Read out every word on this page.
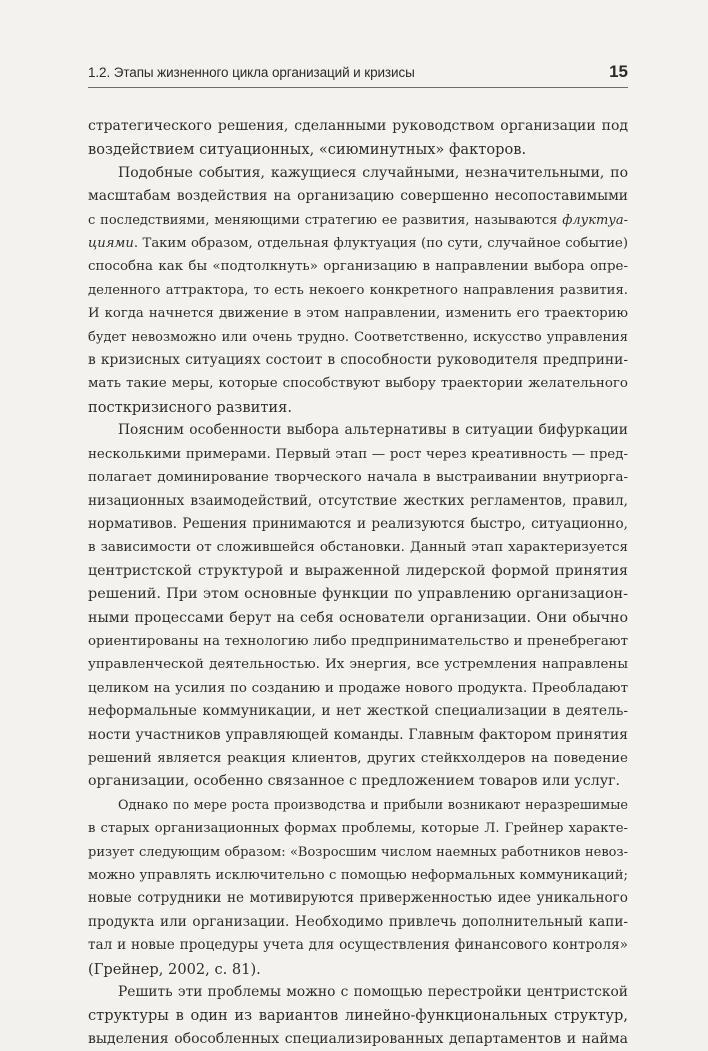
1.2. Этапы жизненного цикла организаций и кризисы	15

стратегического решения, сделанными руководством организации под
воздействием ситуационных, «сиюминутных» факторов.

Подобные события, кажущиеся случайными, незначительными, по
масштабам воздействия на организацию совершенно несопоставимыми
с последствиями, меняющими стратегию ее развития, называются флуктуа-
циями. Таким образом, отдельная флуктуация (по сути, случайное событие)
способна как бы «подтолкнуть» организацию в направлении выбора опре-
деленного аттрактора, то есть некоего конкретного направления развития.
И когда начнется движение в этом направлении, изменить его траекторию
будет невозможно или очень трудно. Соответственно, искусство управления
в кризисных ситуациях состоит в способности руководителя предприни-
мать такие меры, которые способствуют выбору траектории желательного
посткризисного развития.

Поясним особенности выбора альтернативы в ситуации бифуркации
несколькими примерами. Первый этап — рост через креативность — пред-
полагает доминирование творческого начала в выстраивании внутриорга-
низационных взаимодействий, отсутствие жестких регламентов, правил,
нормативов. Решения принимаются и реализуются быстро, ситуационно,
в зависимости от сложившейся обстановки. Данный этап характеризуется
центристской структурой и выраженной лидерской формой принятия
решений. При этом основные функции по управлению организацион-
ными процессами берут на себя основатели организации. Они обычно
ориентированы на технологию либо предпринимательство и пренебрегают
управленческой деятельностью. Их энергия, все устремления направлены
целиком на усилия по созданию и продаже нового продукта. Преобладают
неформальные коммуникации, и нет жесткой специализации в деятель-
ности участников управляющей команды. Главным фактором принятия
решений является реакция клиентов, других стейкхолдеров на поведение
организации, особенно связанное с предложением товаров или услуг.

Однако по мере роста производства и прибыли возникают неразрешимые
в старых организационных формах проблемы, которые Л. Грейнер характе-
ризует следующим образом: «Возросшим числом наемных работников невоз-
можно управлять исключительно с помощью неформальных коммуникаций;
новые сотрудники не мотивируются приверженностью идее уникального
продукта или организации. Необходимо привлечь дополнительный капи-
тал и новые процедуры учета для осуществления финансового контроля»
(Грейнер, 2002, с. 81).

Решить эти проблемы можно с помощью перестройки центристской
структуры в один из вариантов линейно-функциональных структур,
выделения обособленных специализированных департаментов и найма
